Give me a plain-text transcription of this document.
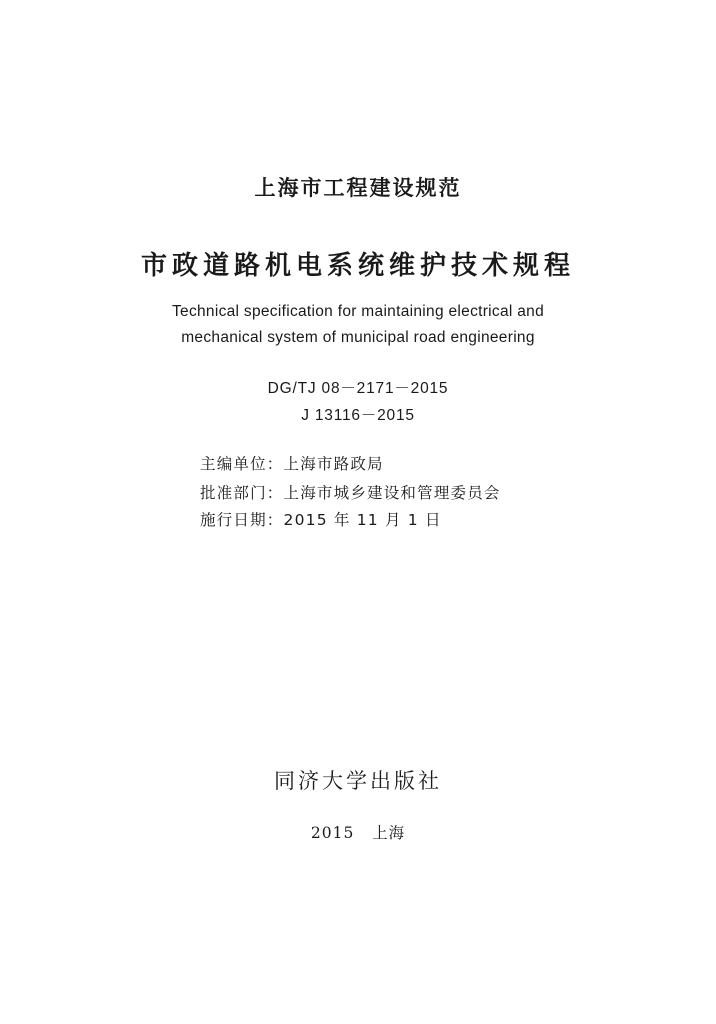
上海市工程建设规范
市政道路机电系统维护技术规程
Technical specification for maintaining electrical and
mechanical system of municipal road engineering
DG/TJ 08－2171－2015
J 13116－2015
主编单位：上海市路政局
批准部门：上海市城乡建设和管理委员会
施行日期：2015 年 11 月 1 日
同济大学出版社
2015   上海
